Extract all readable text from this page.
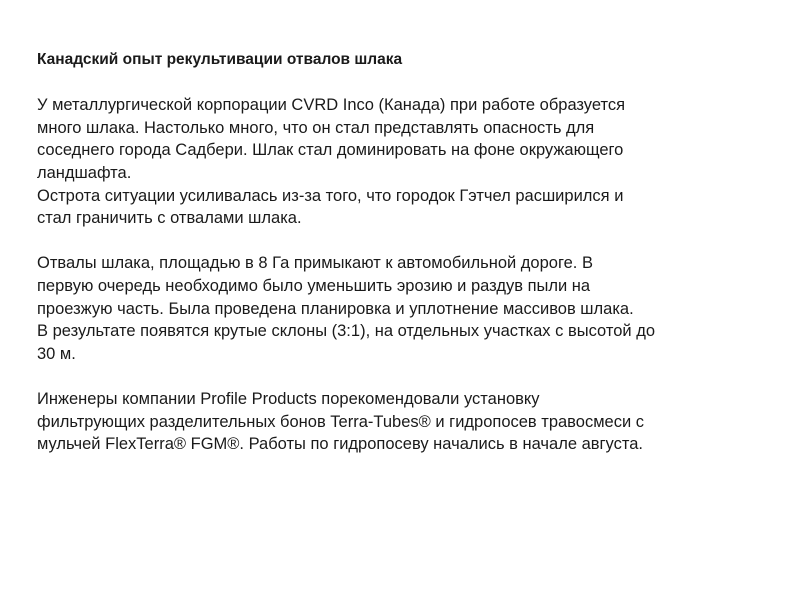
Канадский опыт рекультивации отвалов шлака

У металлургической корпорации CVRD Inco (Канада) при работе образуется
много шлака. Настолько много, что он стал представлять опасность для
соседнего города Садбери. Шлак стал доминировать на фоне окружающего
ландшафта.
Острота ситуации усиливалась из-за того, что городок Гэтчел расширился и
стал граничить с отвалами шлака.
Отвалы шлака, площадью в 8 Га примыкают к автомобильной дороге. В
первую очередь необходимо было уменьшить эрозию и раздув пыли на
проезжую часть. Была проведена планировка и уплотнение массивов шлака.
В результате появятся крутые склоны (3:1), на отдельных участках с высотой до
30 м.
Инженеры компании Profile Products порекомендовали установку
фильтрующих разделительных бонов Terra-Tubes® и гидропосев травосмеси с
мульчей FlexTerra® FGM®. Работы по гидропосеву начались в начале августа.
